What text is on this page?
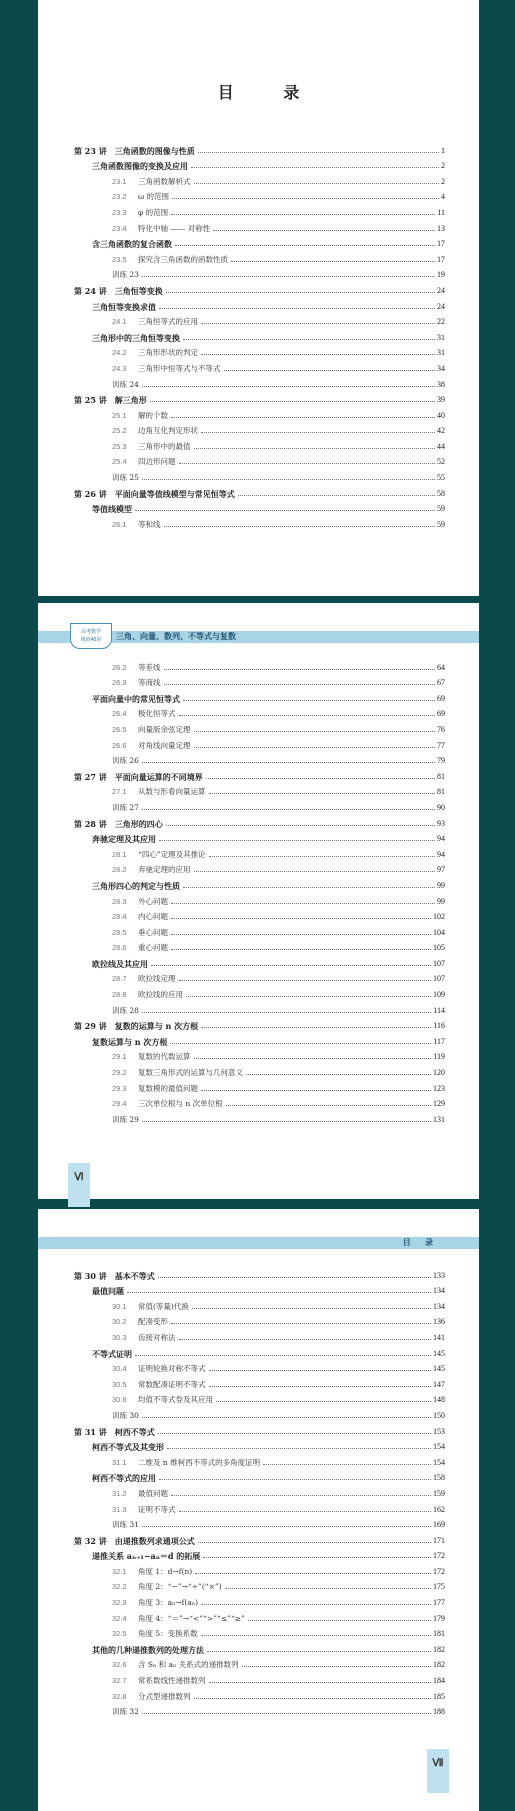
目 录
第 23 讲　三角函数的图像与性质	1
三角函数图像的变换及应用	2
23.1 三角函数解析式	2
23.2 ω 的范围	4
23.3 φ 的范围	11
23.4 特化中轴 —— 对称性	13
含三角函数的复合函数	17
23.5 探究含三角函数的函数性质	17
训练 23	19
第 24 讲　三角恒等变换	24
三角恒等变换求值	24
24.1 三角恒等式的应用	22
三角形中的三角恒等变换	31
24.2 三角形形状的判定	31
24.3 三角形中恒等式与不等式	34
训练 24	38
第 25 讲　解三角形	39
25.1 解的个数	40
25.2 边角互化判定形状	42
25.3 三角形中的最值	44
25.4 四边形问题	52
训练 25	55
第 26 讲　平面向量等值线模型与常见恒等式	58
等值线模型	59
26.1 等和线	59
高考数学
极值40讲	三角、向量、数列、不等式与复数
26.2 等差线	64
26.3 等商线	67
平面向量中的常见恒等式	69
26.4 极化恒等式	69
26.5 向量版余弦定理	76
26.6 对角线向量定理	77
训练 26	79
第 27 讲　平面向量运算的不同境界	81
27.1 从数与形看向量运算	81
训练 27	90
第 28 讲　三角形的四心	93
奔驰定理及其应用	94
28.1 “四心”定理及其推论	94
28.2 奔驰定理的应用	97
三角形四心的判定与性质	99
28.3 外心问题	99
28.4 内心问题	102
28.5 垂心问题	104
28.6 重心问题	105
欧拉线及其应用	107
28.7 欧拉线定理	107
28.8 欧拉线的应用	109
训练 28	114
第 29 讲　复数的运算与 n 次方根	116
复数运算与 n 次方根	117
29.1 复数的代数运算	119
29.2 复数三角形式的运算与几何意义	120
29.3 复数模的最值问题	123
29.4 三次单位根与 n 次单位根	129
训练 29	131
Ⅵ
目 录
第 30 讲　基本不等式	133
最值问题	134
30.1 常值(等量)代换	134
30.2 配凑变形	136
30.3 齿接对称法	141
不等式证明	145
30.4 证明轮换对称不等式	145
30.5 常数配凑证明不等式	147
30.6 均值不等式券及其应用	148
训练 30	150
第 31 讲　柯西不等式	153
柯西不等式及其变形	154
31.1 二维及 n 维柯西不等式的多角度证明	154
柯西不等式的应用	158
31.2 最值问题	159
31.3 证明不等式	162
训练 31	169
第 32 讲　由递推数列求通项公式	171
递推关系 aₙ₊₁−aₙ＝d 的拓展	172
32.1 角度 1：d→f(n)	172
32.2 角度 2：“−”→“÷”(“×”)	175
32.3 角度 3：aₙ→f(aₙ)	177
32.4 角度 4：“＝”→“<”“>”“≤”“≥”	179
32.5 角度 5：变换系数	181
其他的几种递推数列的处理方法	182
32.6 含 Sₙ 和 aₙ 关系式的递推数列	182
32.7 常系数线性递推数列	184
32.8 分式型递推数列	185
训练 32	188
Ⅶ
